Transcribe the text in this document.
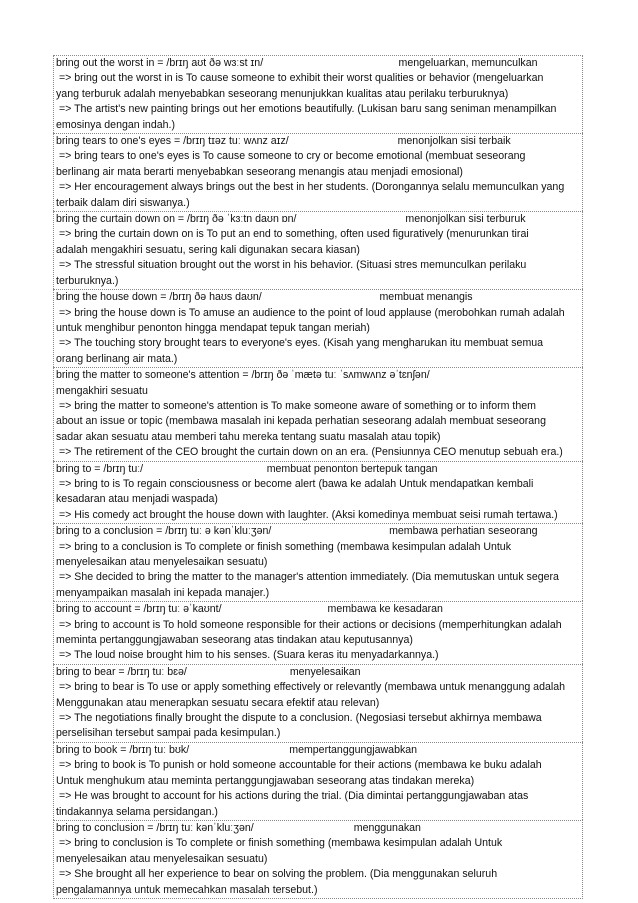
bring out the worst in = /brɪŋ aʊt ðə wɜːst ɪn/                                              mengeluarkan, memunculkan
=> bring out the worst in is To cause someone to exhibit their worst qualities or behavior (mengeluarkan
yang terburuk adalah menyebabkan seseorang menunjukkan kualitas atau perilaku terburuknya)
=> The artist's new painting brings out her emotions beautifully. (Lukisan baru sang seniman menampilkan
emosinya dengan indah.)
bring tears to one's eyes = /brɪŋ tɪəz tuː wʌnz aɪz/                                     menonjolkan sisi terbaik
=> bring tears to one's eyes is To cause someone to cry or become emotional (membuat seseorang
berlinang air mata berarti menyebabkan seseorang menangis atau menjadi emosional)
=> Her encouragement always brings out the best in her students. (Dorongannya selalu memunculkan yang
terbaik dalam diri siswanya.)
bring the curtain down on = /brɪŋ ðə ˈkɜːtn daʊn ɒn/                                     menonjolkan sisi terburuk
=> bring the curtain down on is To put an end to something, often used figuratively (menurunkan tirai
adalah mengakhiri sesuatu, sering kali digunakan secara kiasan)
=> The stressful situation brought out the worst in his behavior. (Situasi stres memunculkan perilaku
terburuknya.)
bring the house down = /brɪŋ ðə haʊs daʊn/                                        membuat menangis
=> bring the house down is To amuse an audience to the point of loud applause (merobohkan rumah adalah
untuk menghibur penonton hingga mendapat tepuk tangan meriah)
=> The touching story brought tears to everyone's eyes. (Kisah yang mengharukan itu membuat semua
orang berlinang air mata.)
bring the matter to someone's attention = /brɪŋ ðə ˈmætə tuː ˈsʌmwʌnz əˈtɛnʃən/
mengakhiri sesuatu
=> bring the matter to someone's attention is To make someone aware of something or to inform them
about an issue or topic (membawa masalah ini kepada perhatian seseorang adalah membuat seseorang
sadar akan sesuatu atau memberi tahu mereka tentang suatu masalah atau topik)
=> The retirement of the CEO brought the curtain down on an era. (Pensiunnya CEO menutup sebuah era.)
bring to = /brɪŋ tuː/                                          membuat penonton bertepuk tangan
=> bring to is To regain consciousness or become alert (bawa ke adalah Untuk mendapatkan kembali
kesadaran atau menjadi waspada)
=> His comedy act brought the house down with laughter. (Aksi komedinya membuat seisi rumah tertawa.)
bring to a conclusion = /brɪŋ tuː ə kənˈkluːʒən/                                        membawa perhatian seseorang
=> bring to a conclusion is To complete or finish something (membawa kesimpulan adalah Untuk
menyelesaikan atau menyelesaikan sesuatu)
=> She decided to bring the matter to the manager's attention immediately. (Dia memutuskan untuk segera
menyampaikan masalah ini kepada manajer.)
bring to account = /brɪŋ tuː əˈkaʊnt/                                    membawa ke kesadaran
=> bring to account is To hold someone responsible for their actions or decisions (memperhitungkan adalah
meminta pertanggungjawaban seseorang atas tindakan atau keputusannya)
=> The loud noise brought him to his senses. (Suara keras itu menyadarkannya.)
bring to bear = /brɪŋ tuː bɛə/                                   menyelesaikan
=> bring to bear is To use or apply something effectively or relevantly (membawa untuk menanggung adalah
Menggunakan atau menerapkan sesuatu secara efektif atau relevan)
=> The negotiations finally brought the dispute to a conclusion. (Negosiasi tersebut akhirnya membawa
perselisihan tersebut sampai pada kesimpulan.)
bring to book = /brɪŋ tuː bʊk/                                  mempertanggungjawabkan
=> bring to book is To punish or hold someone accountable for their actions (membawa ke buku adalah
Untuk menghukum atau meminta pertanggungjawaban seseorang atas tindakan mereka)
=> He was brought to account for his actions during the trial. (Dia dimintai pertanggungjawaban atas
tindakannya selama persidangan.)
bring to conclusion = /brɪŋ tuː kənˈkluːʒən/                                  menggunakan
=> bring to conclusion is To complete or finish something (membawa kesimpulan adalah Untuk
menyelesaikan atau menyelesaikan sesuatu)
=> She brought all her experience to bear on solving the problem. (Dia menggunakan seluruh
pengalamannya untuk memecahkan masalah tersebut.)
